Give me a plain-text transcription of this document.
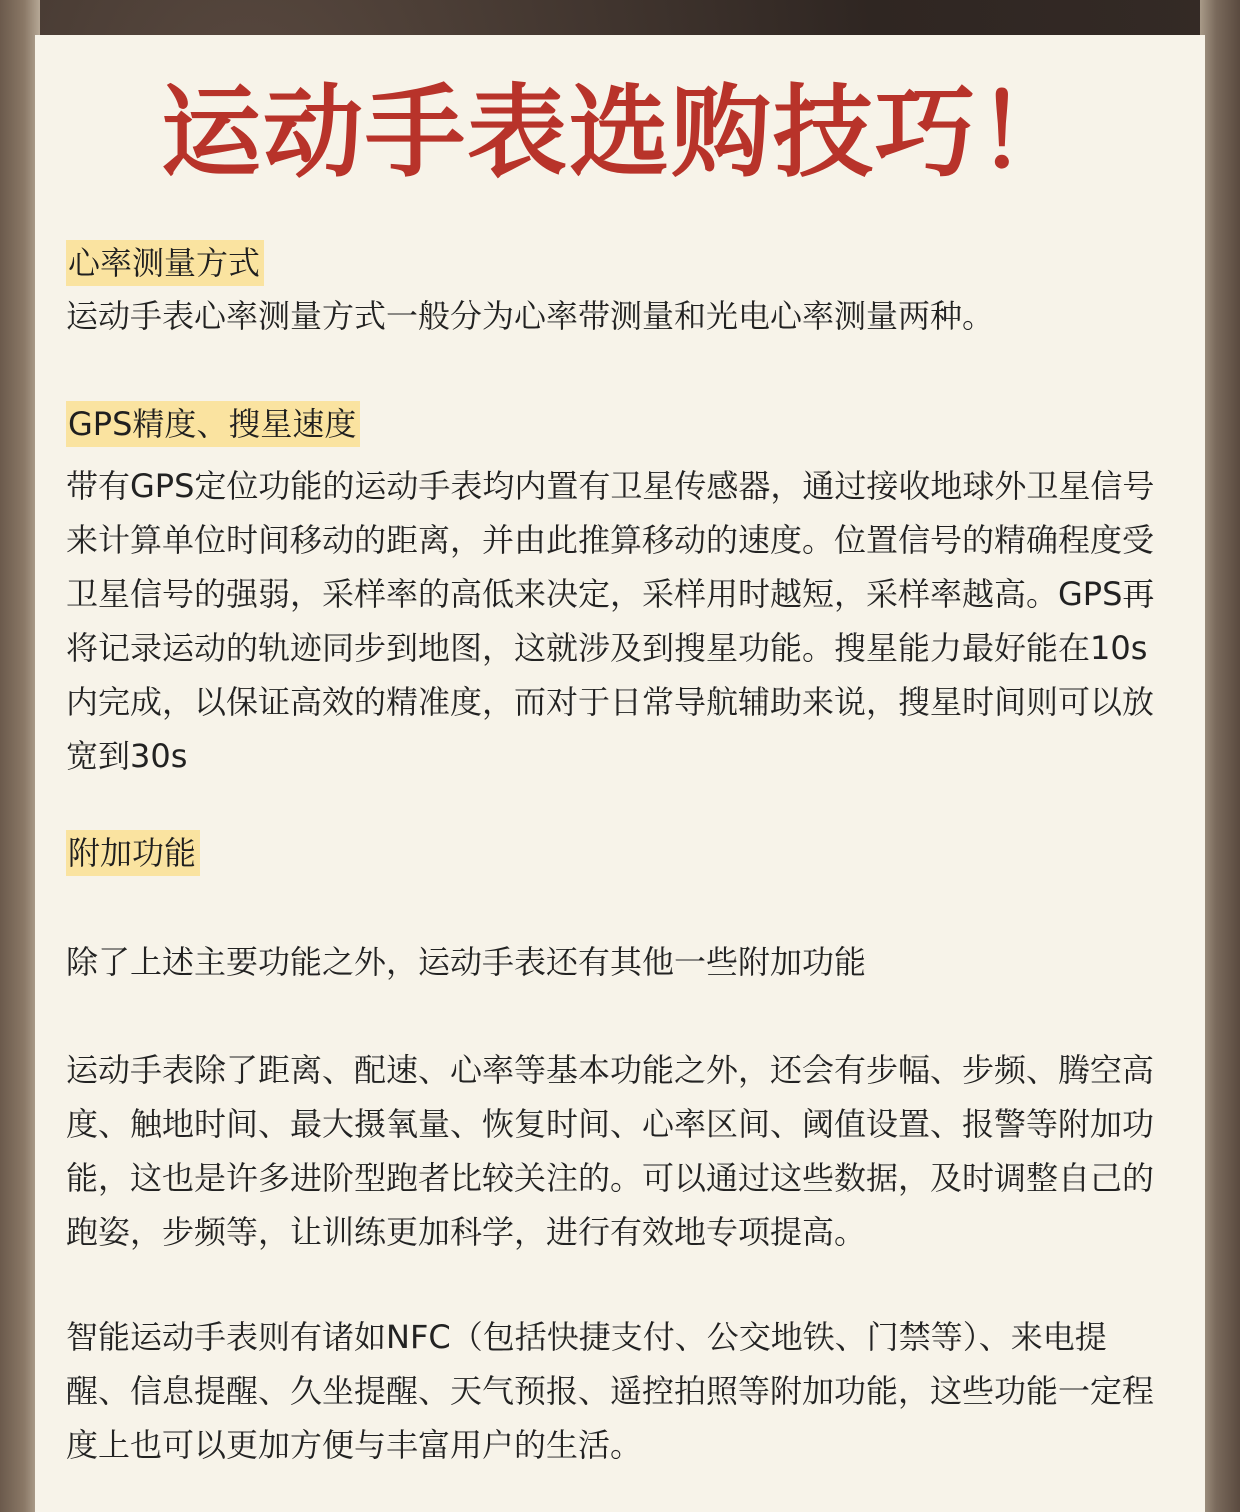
运动手表选购技巧！
心率测量方式

运动手表心率测量方式一般分为心率带测量和光电心率测量两种。

GPS精度、搜星速度

带有GPS定位功能的运动手表均内置有卫星传感器，通过接收地球外卫星信号来计算单位时间移动的距离，并由此推算移动的速度。位置信号的精确程度受卫星信号的强弱，采样率的高低来决定，采样用时越短，采样率越高。GPS再将记录运动的轨迹同步到地图，这就涉及到搜星功能。搜星能力最好能在10s内完成，以保证高效的精准度，而对于日常导航辅助来说，搜星时间则可以放宽到30s

附加功能

除了上述主要功能之外，运动手表还有其他一些附加功能

运动手表除了距离、配速、心率等基本功能之外，还会有步幅、步频、腾空高度、触地时间、最大摄氧量、恢复时间、心率区间、阈值设置、报警等附加功能，这也是许多进阶型跑者比较关注的。可以通过这些数据，及时调整自己的跑姿，步频等，让训练更加科学，进行有效地专项提高。

智能运动手表则有诸如NFC（包括快捷支付、公交地铁、门禁等）、来电提醒、信息提醒、久坐提醒、天气预报、遥控拍照等附加功能，这些功能一定程度上也可以更加方便与丰富用户的生活。
